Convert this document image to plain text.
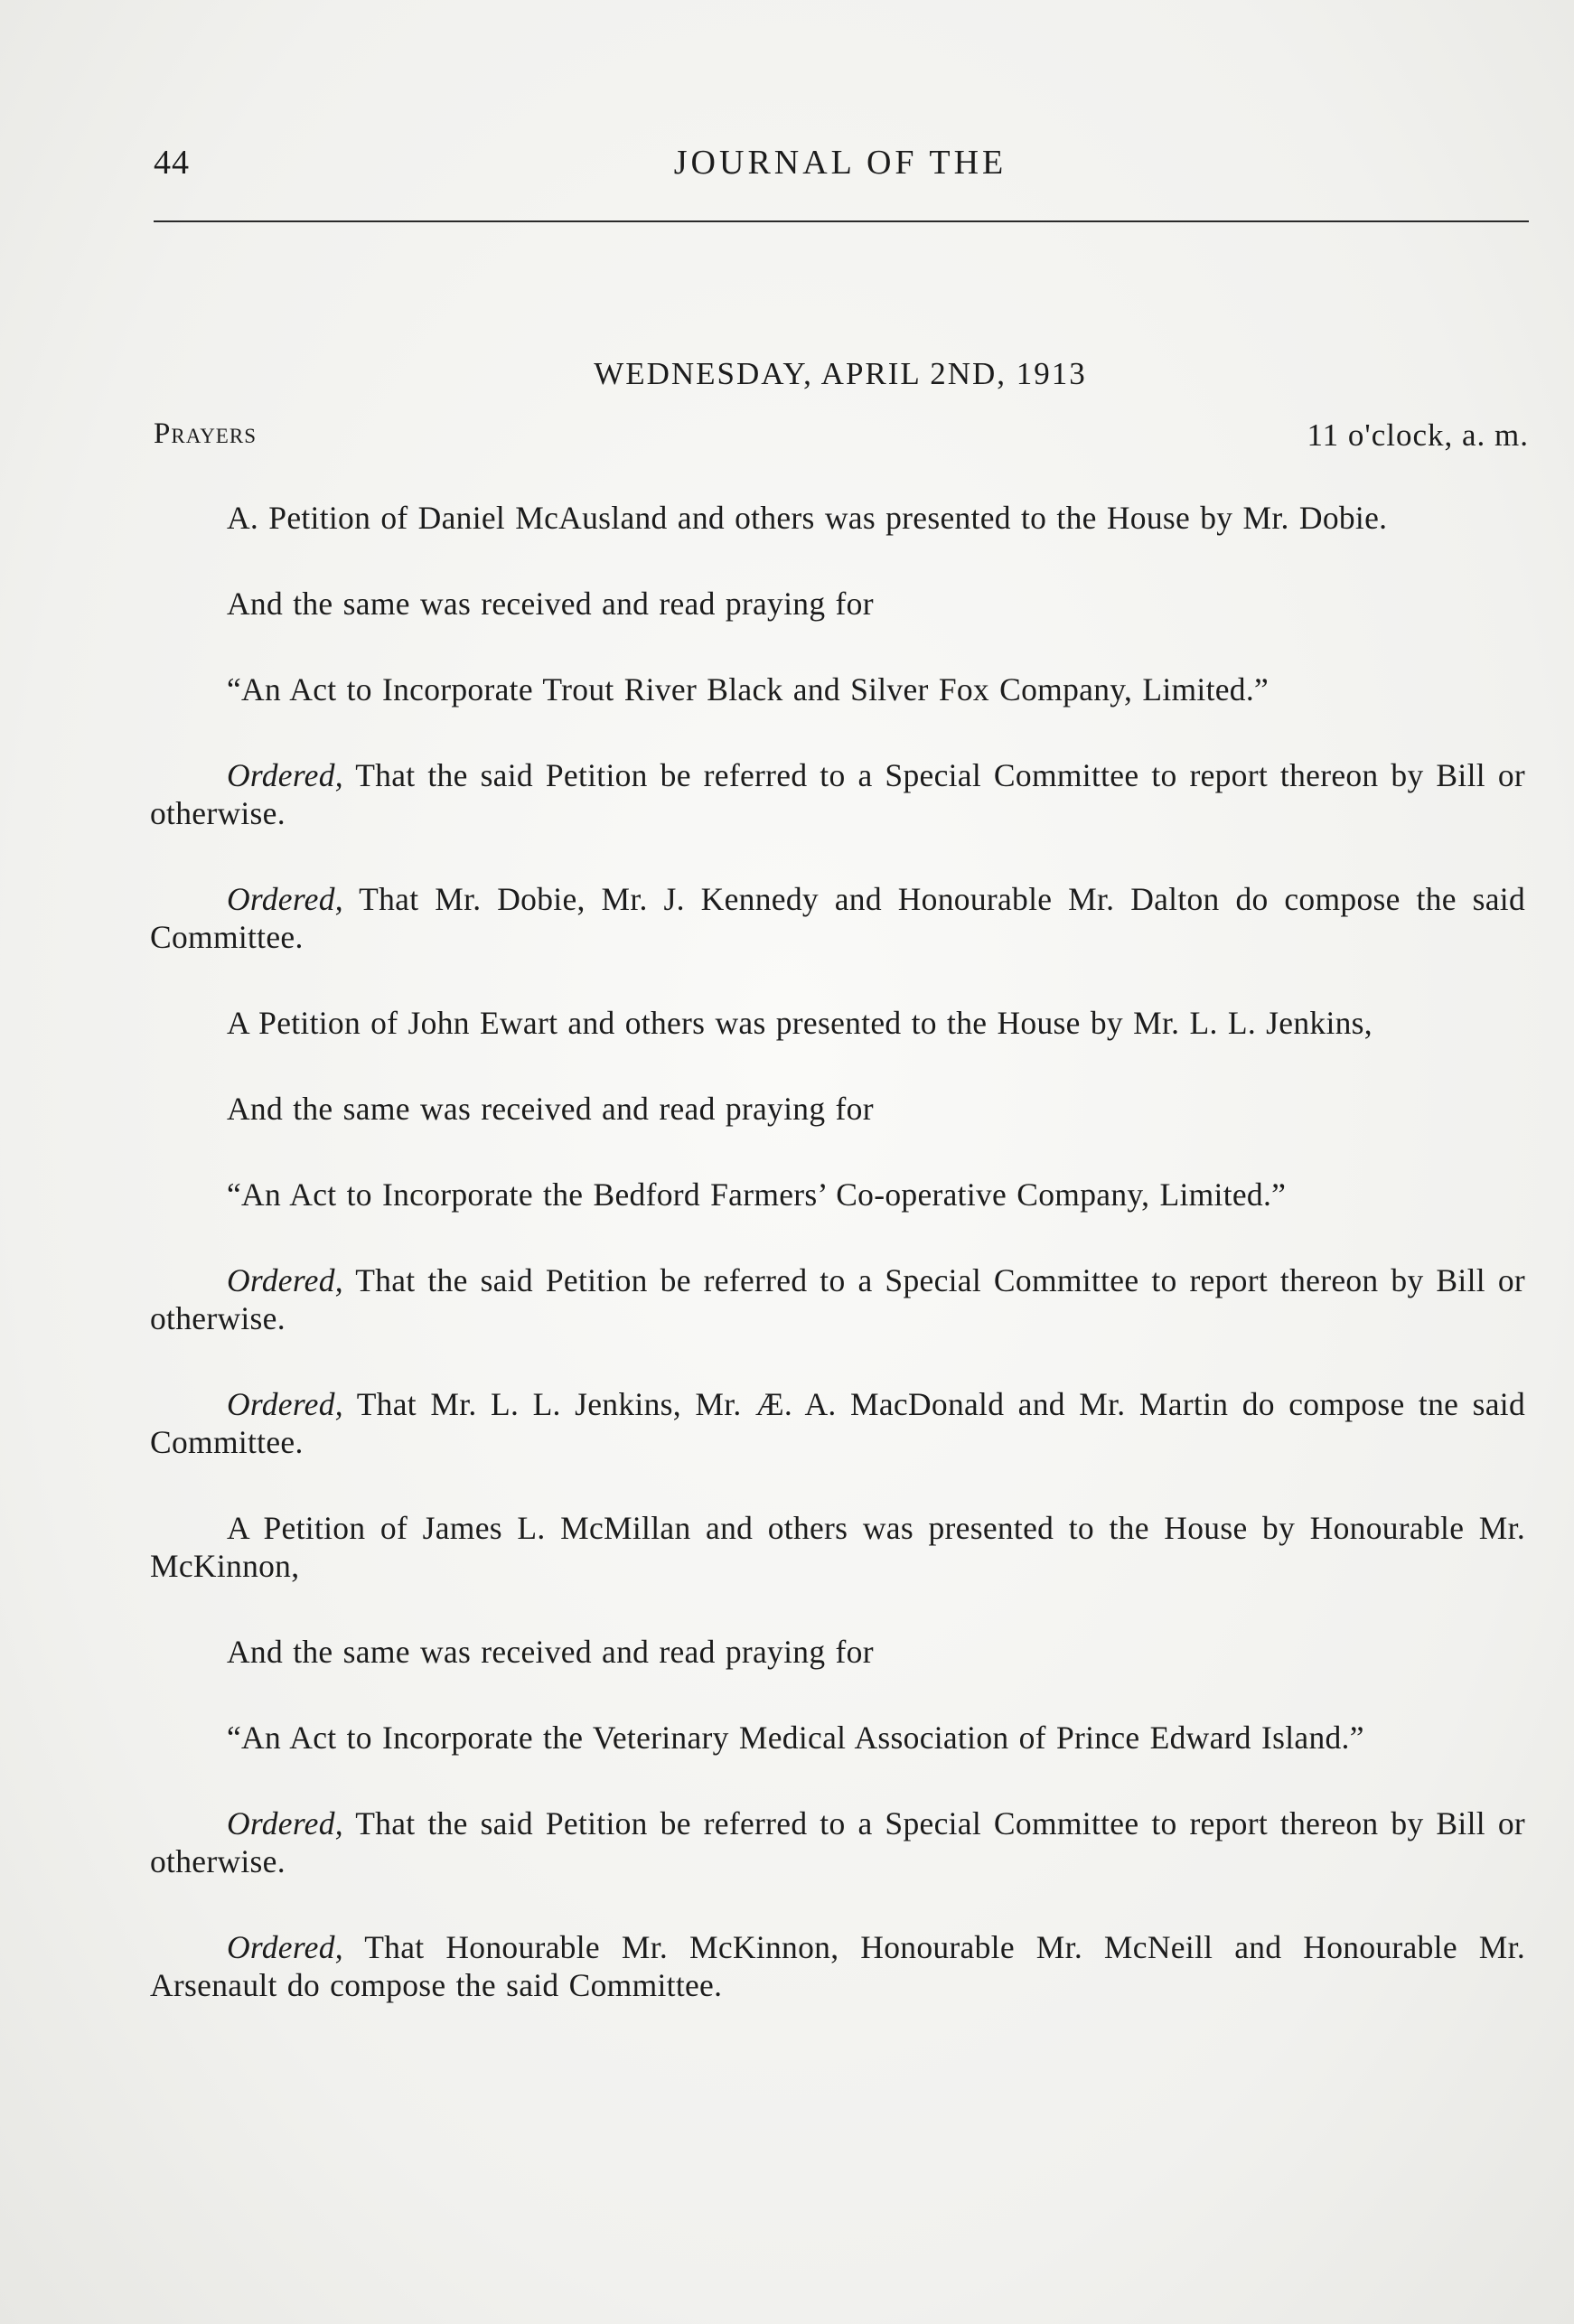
44	JOURNAL OF THE
WEDNESDAY, APRIL 2ND, 1913
Prayers	11 o'clock, a. m.

A. Petition of Daniel McAusland and others was presented to the House by Mr. Dobie.

And the same was received and read praying for

“An Act to Incorporate Trout River Black and Silver Fox Company, Limited.”

Ordered, That the said Petition be referred to a Special Committee to report thereon by Bill or otherwise.

Ordered, That Mr. Dobie, Mr. J. Kennedy and Honourable Mr. Dalton do compose the said Committee.

A Petition of John Ewart and others was presented to the House by Mr. L. L. Jenkins,

And the same was received and read praying for

“An Act to Incorporate the Bedford Farmers’ Co-operative Company, Limited.”

Ordered, That the said Petition be referred to a Special Committee to report thereon by Bill or otherwise.

Ordered, That Mr. L. L. Jenkins, Mr. Æ. A. MacDonald and Mr. Martin do compose tne said Committee.

A Petition of James L. McMillan and others was presented to the House by Honourable Mr. McKinnon,

And the same was received and read praying for

“An Act to Incorporate the Veterinary Medical Association of Prince Edward Island.”

Ordered, That the said Petition be referred to a Special Committee to report thereon by Bill or otherwise.

Ordered, That Honourable Mr. McKinnon, Honourable Mr. McNeill and Honourable Mr. Arsenault do compose the said Committee.
